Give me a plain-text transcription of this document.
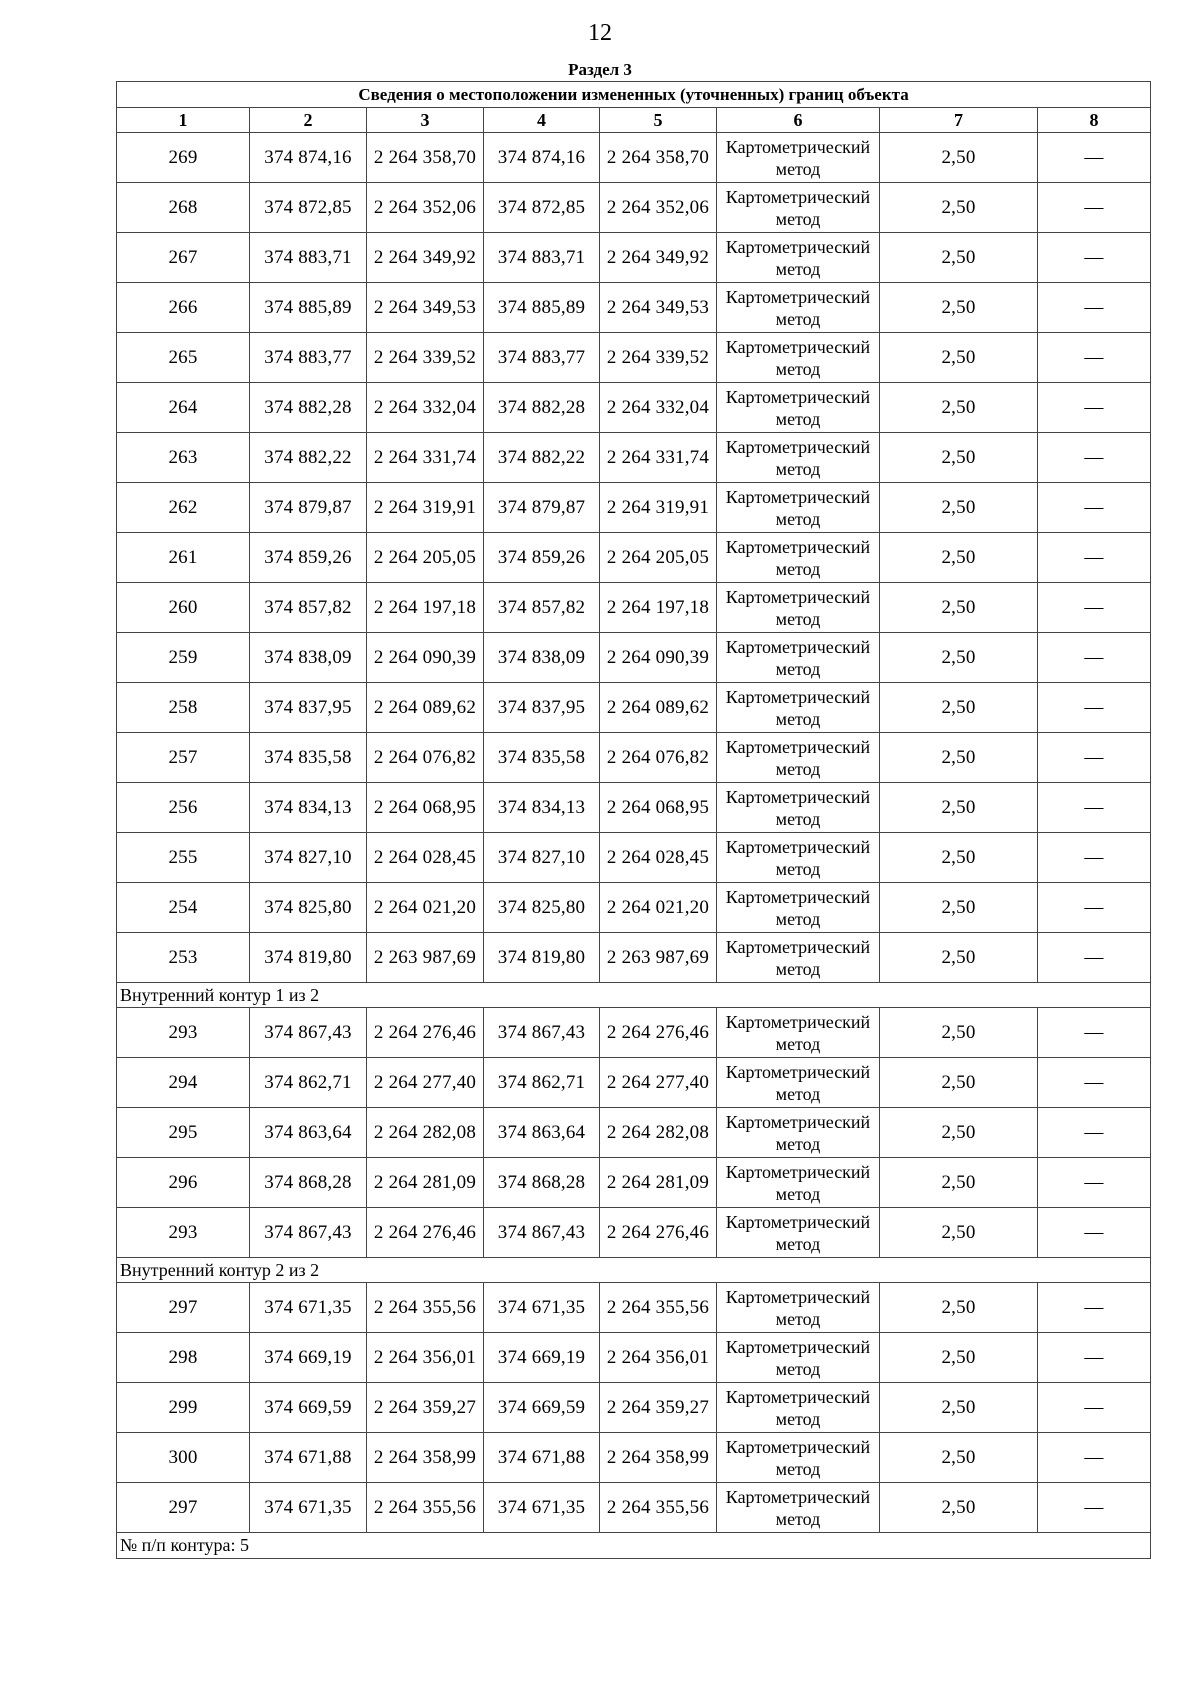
12
Раздел 3
Сведения о местоположении измененных (уточненных) границ объекта							
1	2	3	4	5	6	7	8
269	374 874,16	2 264 358,70	374 874,16	2 264 358,70	Картометрический метод	2,50	—
268	374 872,85	2 264 352,06	374 872,85	2 264 352,06	Картометрический метод	2,50	—
267	374 883,71	2 264 349,92	374 883,71	2 264 349,92	Картометрический метод	2,50	—
266	374 885,89	2 264 349,53	374 885,89	2 264 349,53	Картометрический метод	2,50	—
265	374 883,77	2 264 339,52	374 883,77	2 264 339,52	Картометрический метод	2,50	—
264	374 882,28	2 264 332,04	374 882,28	2 264 332,04	Картометрический метод	2,50	—
263	374 882,22	2 264 331,74	374 882,22	2 264 331,74	Картометрический метод	2,50	—
262	374 879,87	2 264 319,91	374 879,87	2 264 319,91	Картометрический метод	2,50	—
261	374 859,26	2 264 205,05	374 859,26	2 264 205,05	Картометрический метод	2,50	—
260	374 857,82	2 264 197,18	374 857,82	2 264 197,18	Картометрический метод	2,50	—
259	374 838,09	2 264 090,39	374 838,09	2 264 090,39	Картометрический метод	2,50	—
258	374 837,95	2 264 089,62	374 837,95	2 264 089,62	Картометрический метод	2,50	—
257	374 835,58	2 264 076,82	374 835,58	2 264 076,82	Картометрический метод	2,50	—
256	374 834,13	2 264 068,95	374 834,13	2 264 068,95	Картометрический метод	2,50	—
255	374 827,10	2 264 028,45	374 827,10	2 264 028,45	Картометрический метод	2,50	—
254	374 825,80	2 264 021,20	374 825,80	2 264 021,20	Картометрический метод	2,50	—
253	374 819,80	2 263 987,69	374 819,80	2 263 987,69	Картометрический метод	2,50	—
Внутренний контур 1 из 2							
293	374 867,43	2 264 276,46	374 867,43	2 264 276,46	Картометрический метод	2,50	—
294	374 862,71	2 264 277,40	374 862,71	2 264 277,40	Картометрический метод	2,50	—
295	374 863,64	2 264 282,08	374 863,64	2 264 282,08	Картометрический метод	2,50	—
296	374 868,28	2 264 281,09	374 868,28	2 264 281,09	Картометрический метод	2,50	—
293	374 867,43	2 264 276,46	374 867,43	2 264 276,46	Картометрический метод	2,50	—
Внутренний контур 2 из 2							
297	374 671,35	2 264 355,56	374 671,35	2 264 355,56	Картометрический метод	2,50	—
298	374 669,19	2 264 356,01	374 669,19	2 264 356,01	Картометрический метод	2,50	—
299	374 669,59	2 264 359,27	374 669,59	2 264 359,27	Картометрический метод	2,50	—
300	374 671,88	2 264 358,99	374 671,88	2 264 358,99	Картометрический метод	2,50	—
297	374 671,35	2 264 355,56	374 671,35	2 264 355,56	Картометрический метод	2,50	—
№ п/п контура: 5							
